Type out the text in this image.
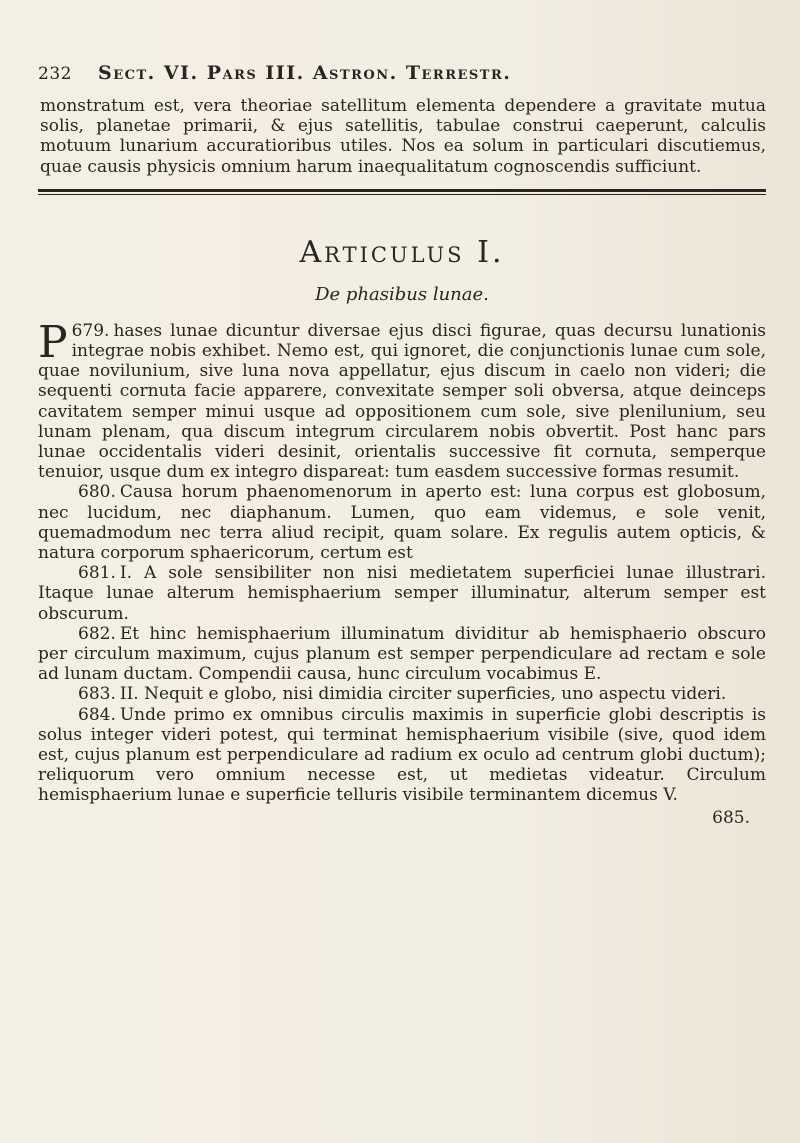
232	Sect. VI. Pars III. Astron. Terrestr.

monstratum est, vera theoriae satellitum elementa dependere a gravitate mutua solis, planetae primarii, & ejus satellitis, tabulae construi caeperunt, calculis motuum lunarium accuratioribus utiles. Nos ea solum in particulari discutiemus, quae causis physicis omnium harum inaequalitatum cognoscendis sufficiunt.

Articulus I.
De phasibus lunae.

679.
P	hases lunae dicuntur diversae ejus disci figurae, quas decursu lunationis integrae nobis exhibet. Nemo est, qui ignoret, die conjunctionis lunae cum sole, quae novilunium, sive luna nova appellatur, ejus discum in caelo non videri; die sequenti cornuta facie apparere, convexitate semper soli obversa, atque deinceps cavitatem semper minui usque ad oppositionem cum sole, sive plenilunium, seu lunam plenam, qua discum integrum circularem nobis obvertit. Post hanc pars lunae occidentalis videri desinit, orientalis successive fit cornuta, semperque tenuior, usque dum ex integro dispareat: tum easdem successive formas resumit.

680. Causa horum phaenomenorum in aperto est: luna corpus est globosum, nec lucidum, nec diaphanum. Lumen, quo eam videmus, e sole venit, quemadmodum nec terra aliud recipit, quam solare. Ex regulis autem opticis, & natura corporum sphaericorum, certum est

681. I. A sole sensibiliter non nisi medietatem superficiei lunae illustrari. Itaque lunae alterum hemisphaerium semper illuminatur, alterum semper est obscurum.

682. Et hinc hemisphaerium illuminatum dividitur ab hemisphaerio obscuro per circulum maximum, cujus planum est semper perpendiculare ad rectam e sole ad lunam ductam. Compendii causa, hunc circulum vocabimus E.

683. II. Nequit e globo, nisi dimidia circiter superficies, uno aspectu videri.

684. Unde primo ex omnibus circulis maximis in superficie globi descriptis is solus integer videri potest, qui terminat hemisphaerium visibile (sive, quod idem est, cujus planum est perpendiculare ad radium ex oculo ad centrum globi ductum); reliquorum vero omnium necesse est, ut medietas videatur. Circulum hemisphaerium lunae e superficie telluris visibile terminantem dicemus V.

685.
